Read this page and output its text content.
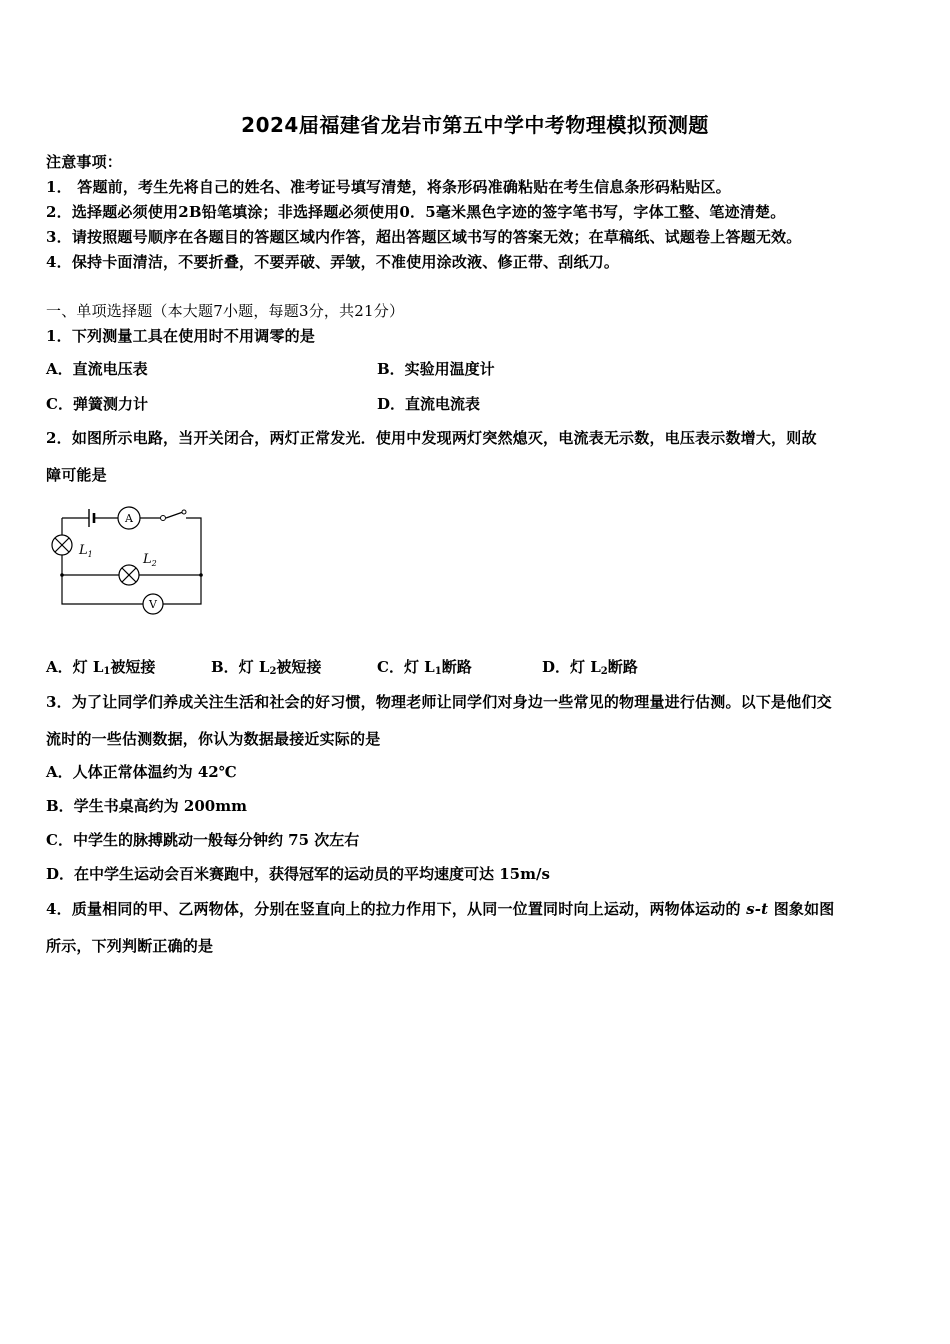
2024届福建省龙岩市第五中学中考物理模拟预测题
注意事项：
1． 答题前，考生先将自己的姓名、准考证号填写清楚，将条形码准确粘贴在考生信息条形码粘贴区。
2．选择题必须使用2B铅笔填涂；非选择题必须使用0．5毫米黑色字迹的签字笔书写，字体工整、笔迹清楚。
3．请按照题号顺序在各题目的答题区域内作答，超出答题区域书写的答案无效；在草稿纸、试题卷上答题无效。
4．保持卡面清洁，不要折叠，不要弄破、弄皱，不准使用涂改液、修正带、刮纸刀。
一、单项选择题（本大题7小题，每题3分，共21分）
1．下列测量工具在使用时不用调零的是
A．直流电压表	B．实验用温度计
C．弹簧测力计	D．直流电流表
2．如图所示电路，当开关闭合，两灯正常发光．使用中发现两灯突然熄灭，电流表无示数，电压表示数增大，则故
障可能是
A
$L_1$	$L_2$
V
A．灯 $L_1$被短接	B．灯 $L_2$被短接	C．灯 $L_1$断路	D．灯 $L_2$断路
3．为了让同学们养成关注生活和社会的好习惯，物理老师让同学们对身边一些常见的物理量进行估测。以下是他们交
流时的一些估测数据，你认为数据最接近实际的是
A．人体正常体温约为 42℃
B．学生书桌高约为 200mm
C．中学生的脉搏跳动一般每分钟约 75 次左右
D．在中学生运动会百米赛跑中，获得冠军的运动员的平均速度可达 15m/s
4．质量相同的甲、乙两物体，分别在竖直向上的拉力作用下，从同一位置同时向上运动，两物体运动的 s-t 图象如图
所示，下列判断正确的是
